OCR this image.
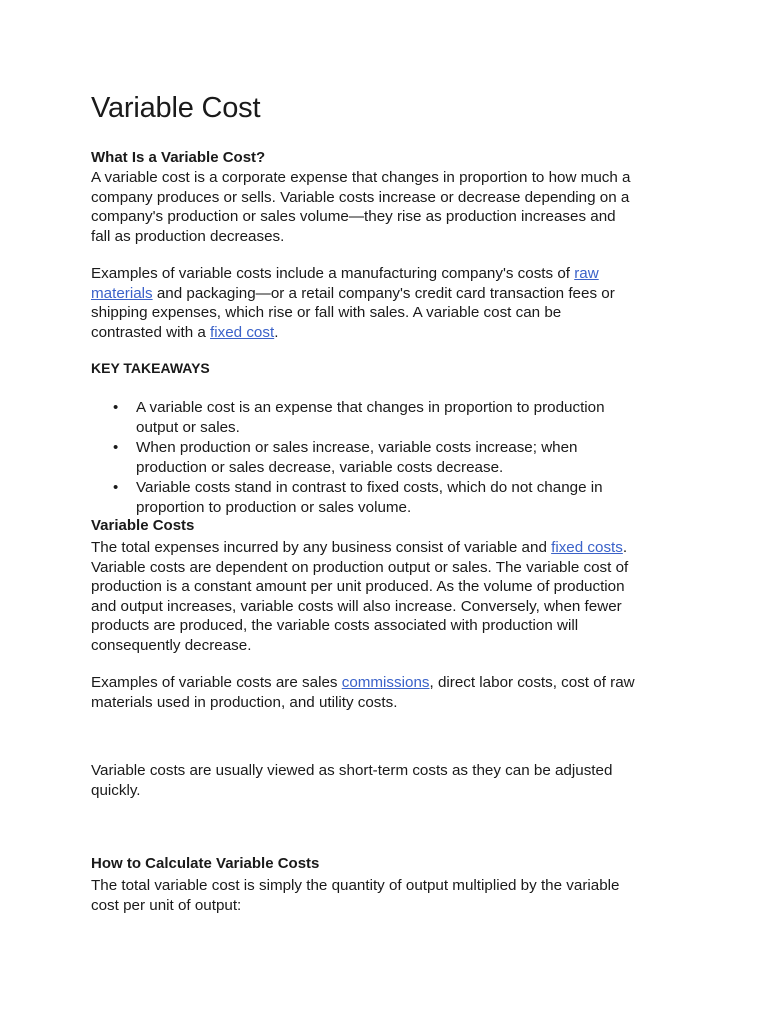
Variable Cost
What Is a Variable Cost?

A variable cost is a corporate expense that changes in proportion to how much a
company produces or sells. Variable costs increase or decrease depending on a
company's production or sales volume—they rise as production increases and
fall as production decreases.

Examples of variable costs include a manufacturing company's costs of raw
materials and packaging—or a retail company's credit card transaction fees or
shipping expenses, which rise or fall with sales. A variable cost can be
contrasted with a fixed cost.

KEY TAKEAWAYS
• A variable cost is an expense that changes in proportion to production
output or sales.
• When production or sales increase, variable costs increase; when
production or sales decrease, variable costs decrease.
• Variable costs stand in contrast to fixed costs, which do not change in
proportion to production or sales volume.
Variable Costs

The total expenses incurred by any business consist of variable and fixed costs.
Variable costs are dependent on production output or sales. The variable cost of
production is a constant amount per unit produced. As the volume of production
and output increases, variable costs will also increase. Conversely, when fewer
products are produced, the variable costs associated with production will
consequently decrease.

Examples of variable costs are sales commissions, direct labor costs, cost of raw
materials used in production, and utility costs.

Variable costs are usually viewed as short-term costs as they can be adjusted
quickly.

How to Calculate Variable Costs

The total variable cost is simply the quantity of output multiplied by the variable
cost per unit of output:
